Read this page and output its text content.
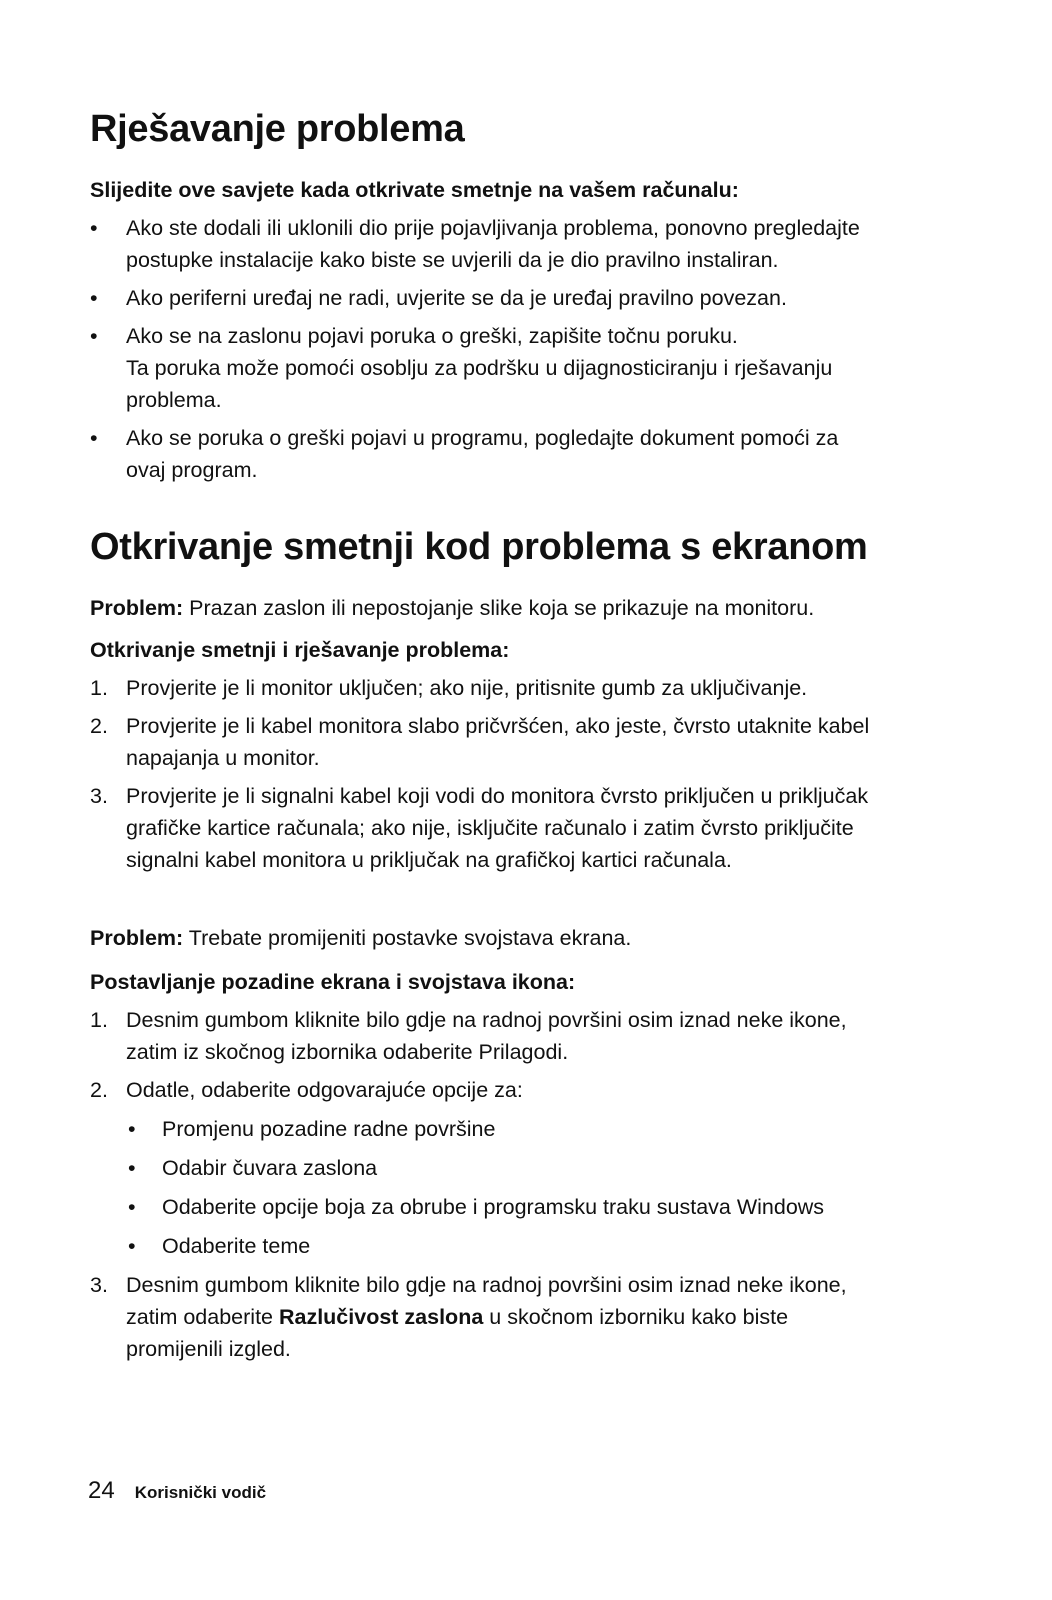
Rješavanje problema

Slijedite ove savjete kada otkrivate smetnje na vašem računalu:

• Ako ste dodali ili uklonili dio prije pojavljivanja problema, ponovno pregledajte
postupke instalacije kako biste se uvjerili da je dio pravilno instaliran.
• Ako periferni uređaj ne radi, uvjerite se da je uređaj pravilno povezan.
• Ako se na zaslonu pojavi poruka o greški, zapišite točnu poruku.
Ta poruka može pomoći osoblju za podršku u dijagnosticiranju i rješavanju
problema.
• Ako se poruka o greški pojavi u programu, pogledajte dokument pomoći za
ovaj program.
Otkrivanje smetnji kod problema s ekranom

Problem: Prazan zaslon ili nepostojanje slike koja se prikazuje na monitoru.

Otkrivanje smetnji i rješavanje problema:

1. Provjerite je li monitor uključen; ako nije, pritisnite gumb za uključivanje.
2. Provjerite je li kabel monitora slabo pričvršćen, ako jeste, čvrsto utaknite kabel
napajanja u monitor.
3. Provjerite je li signalni kabel koji vodi do monitora čvrsto priključen u priključak
grafičke kartice računala; ako nije, isključite računalo i zatim čvrsto priključite
signalni kabel monitora u priključak na grafičkoj kartici računala.

Problem: Trebate promijeniti postavke svojstava ekrana.

Postavljanje pozadine ekrana i svojstava ikona:

1. Desnim gumbom kliknite bilo gdje na radnoj površini osim iznad neke ikone,
zatim iz skočnog izbornika odaberite Prilagodi.
2. Odatle, odaberite odgovarajuće opcije za:
• Promjenu pozadine radne površine
• Odabir čuvara zaslona
• Odaberite opcije boja za obrube i programsku traku sustava Windows
• Odaberite teme
3. Desnim gumbom kliknite bilo gdje na radnoj površini osim iznad neke ikone,
zatim odaberite Razlučivost zaslona u skočnom izborniku kako biste
promijenili izgled.
24 Korisnički vodič
